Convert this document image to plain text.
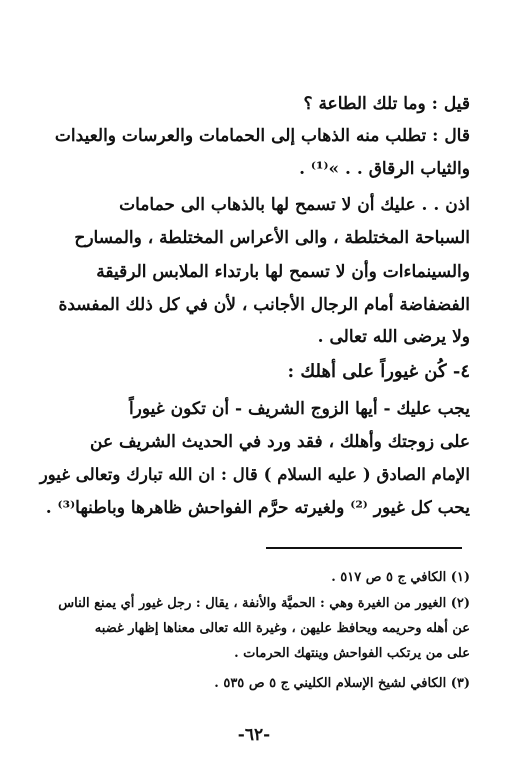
قيل : وما تلك الطاعة ؟
قال : تطلب منه الذهاب إلى الحمامات والعرسات والعيدات
والثياب الرقاق . . »⁽¹⁾ .
اذن . . عليك أن لا تسمح لها بالذهاب الى حمامات
السباحة المختلطة ، والى الأعراس المختلطة ، والمسارح
والسينماءات وأن لا تسمح لها بارتداء الملابس الرقيقة
الفضفاضة أمام الرجال الأجانب ، لأن في كل ذلك المفسدة
ولا يرضى الله تعالى .
٤- كُن غيوراً على أهلك :
يجب عليك - أيها الزوج الشريف - أن تكون غيوراً
على زوجتك وأهلك ، فقد ورد في الحديث الشريف عن
الإمام الصادق ( عليه السلام ) قال : ان الله تبارك وتعالى غيور
يحب كل غيور ⁽²⁾ ولغيرته حرَّم الفواحش ظاهرها وباطنها⁽³⁾ .
(١) الكافي ج ٥ ص ٥١٧ .
(٢) الغيور من الغيرة وهي : الحميَّة والأنفة ، يقال : رجل غيور أي يمنع الناس
عن أهله وحريمه ويحافظ عليهن ، وغيرة الله تعالى معناها إظهار غضبه
على من يرتكب الفواحش وينتهك الحرمات .
(٣) الكافي لشيخ الإسلام الكليني ج ٥ ص ٥٣٥ .
-٦٢-
